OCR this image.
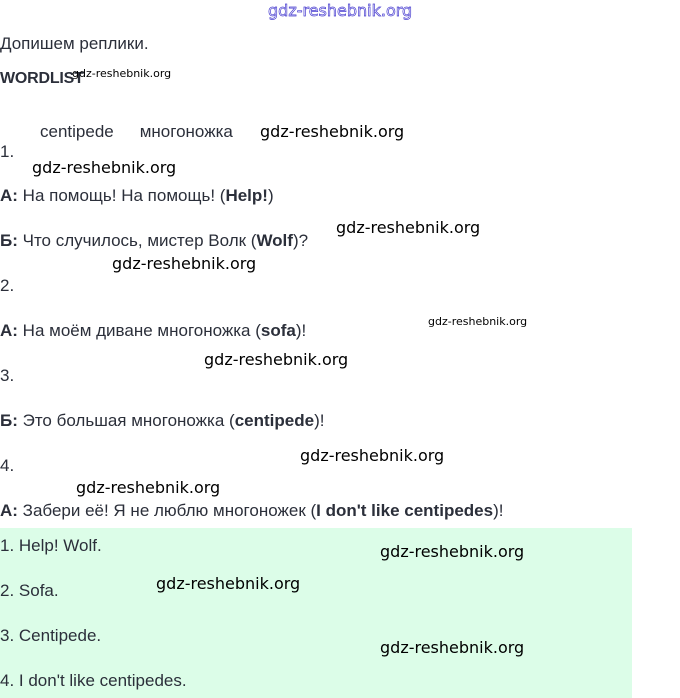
gdz-reshebnik.org
Допишем реплики.
WORDLIST
gdz-reshebnik.org
centipede многоножка gdz-reshebnik.org
1.
gdz-reshebnik.org
А: На помощь! На помощь! (Help!)
gdz-reshebnik.org
Б: Что случилось, мистер Волк (Wolf)?
gdz-reshebnik.org
2.
gdz-reshebnik.org
А: На моём диване многоножка (sofa)!
gdz-reshebnik.org
3.
Б: Это большая многоножка (centipede)!
gdz-reshebnik.org
4.
gdz-reshebnik.org
А: Забери её! Я не люблю многоножек (I don't like centipedes)!
1. Help! Wolf.
2. Sofa.
3. Centipede.
4. I don't like centipedes.
gdz-reshebnik.org
gdz-reshebnik.org
gdz-reshebnik.org
